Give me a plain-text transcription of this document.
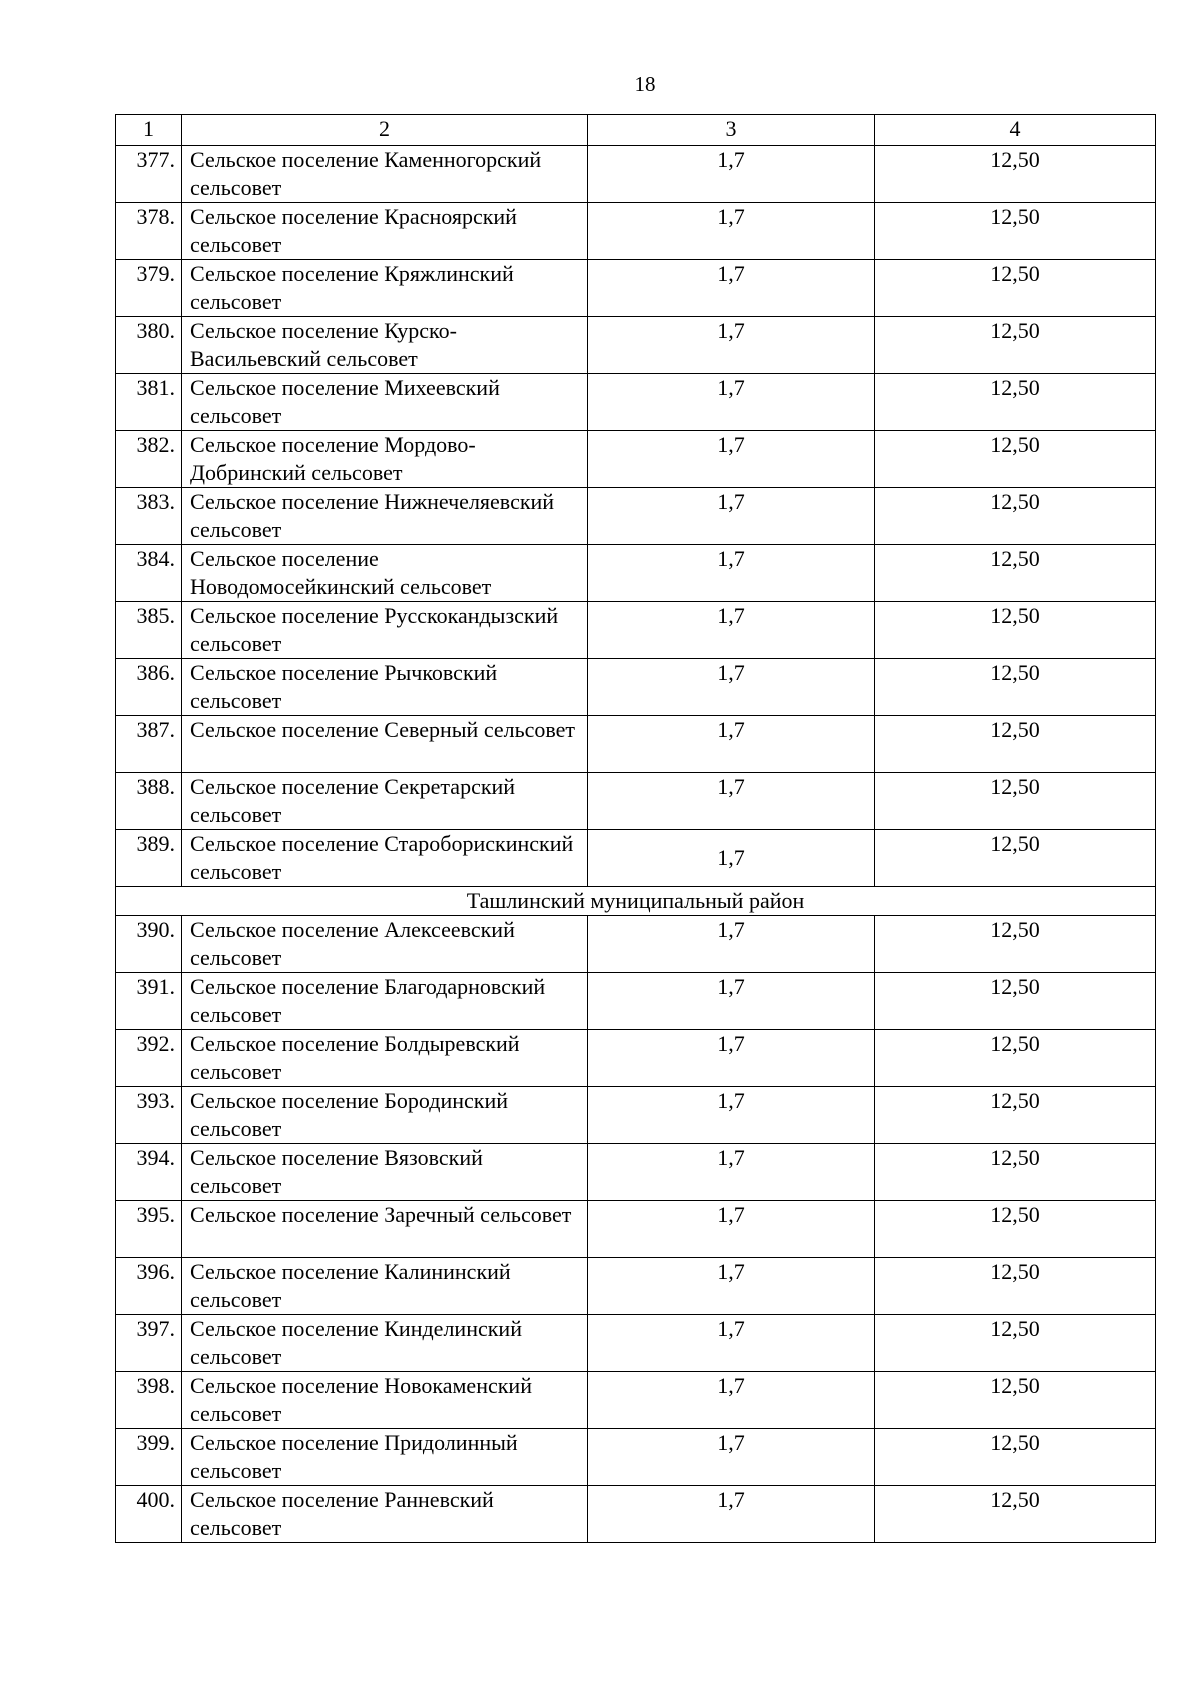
18
1	2	3	4
377.	Сельское поселение Каменногорский сельсовет	1,7	12,50
378.	Сельское поселение Красноярский сельсовет	1,7	12,50
379.	Сельское поселение Кряжлинский сельсовет	1,7	12,50
380.	Сельское поселение Курско-Васильевский сельсовет	1,7	12,50
381.	Сельское поселение Михеевский сельсовет	1,7	12,50
382.	Сельское поселение Мордово-Добринский сельсовет	1,7	12,50
383.	Сельское поселение Нижнечеляевский сельсовет	1,7	12,50
384.	Сельское поселение Новодомосейкинский сельсовет	1,7	12,50
385.	Сельское поселение Русскокандызский сельсовет	1,7	12,50
386.	Сельское поселение Рычковский сельсовет	1,7	12,50
387.	Сельское поселение Северный сельсовет	1,7	12,50
388.	Сельское поселение Секретарский сельсовет	1,7	12,50
389.	Сельское поселение Староборискинский сельсовет	1,7	12,50
Ташлинский муниципальный район			
390.	Сельское поселение Алексеевский сельсовет	1,7	12,50
391.	Сельское поселение Благодарновский сельсовет	1,7	12,50
392.	Сельское поселение Болдыревский сельсовет	1,7	12,50
393.	Сельское поселение Бородинский сельсовет	1,7	12,50
394.	Сельское поселение Вязовский сельсовет	1,7	12,50
395.	Сельское поселение Заречный сельсовет	1,7	12,50
396.	Сельское поселение Калининский сельсовет	1,7	12,50
397.	Сельское поселение Кинделинский сельсовет	1,7	12,50
398.	Сельское поселение Новокаменский сельсовет	1,7	12,50
399.	Сельское поселение Придолинный сельсовет	1,7	12,50
400.	Сельское поселение Ранневский сельсовет	1,7	12,50
